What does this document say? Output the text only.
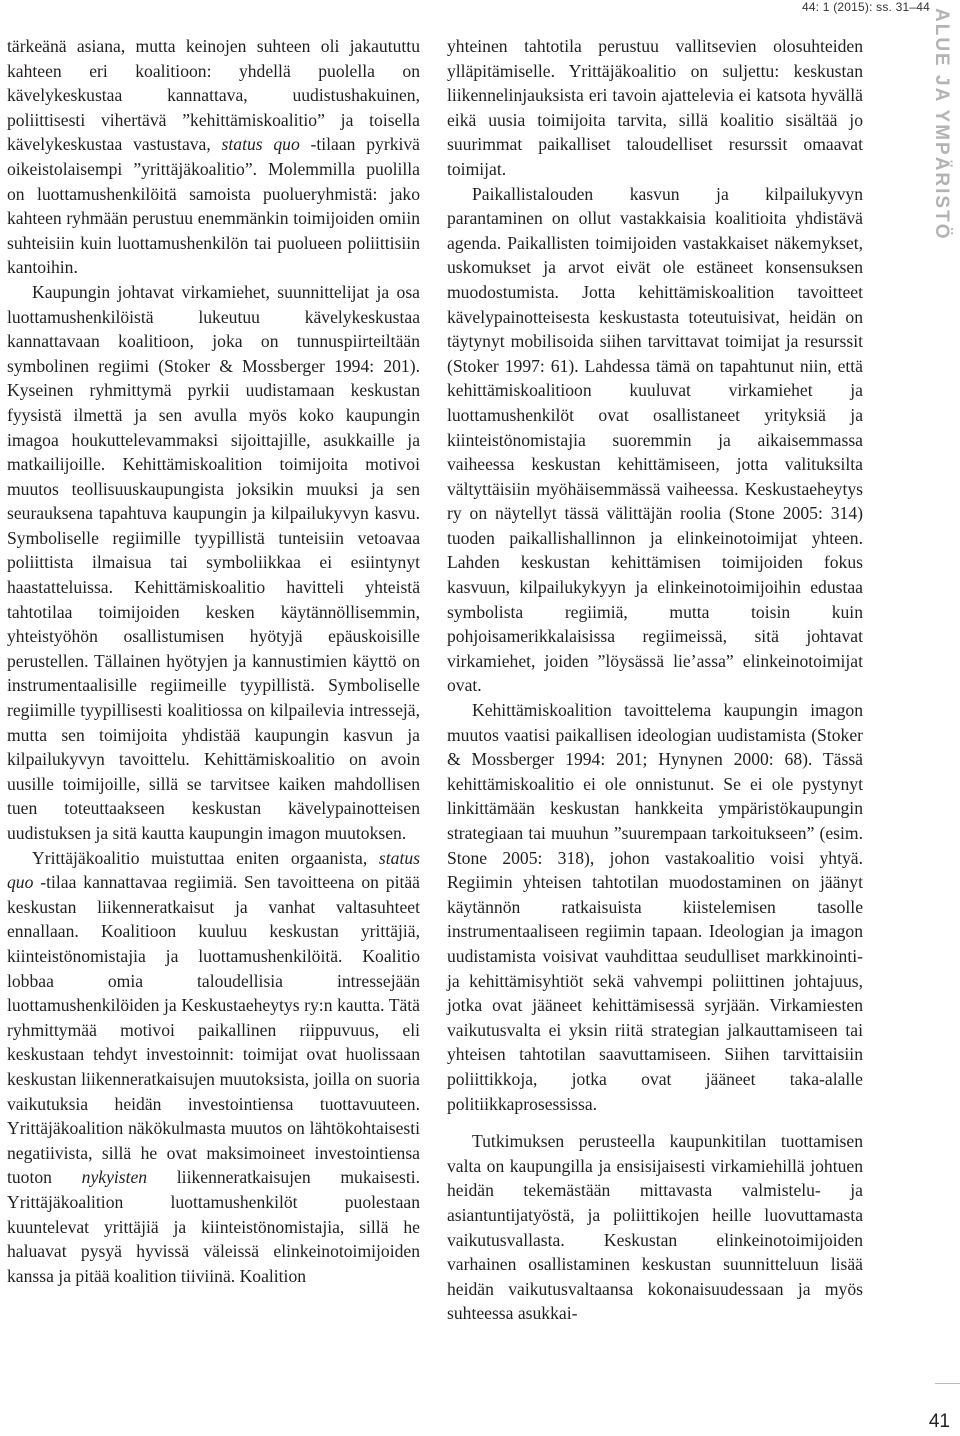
44: 1 (2015): ss. 31–44
ALUE JA YMPÄRISTÖ

tärkeänä asiana, mutta keinojen suhteen oli jakaututtu kahteen eri koalitioon: yhdellä puolella on kävelykeskustaa kannattava, uudistushakuinen, poliittisesti vihertävä ”kehittämiskoalitio” ja toisella kävelykeskustaa vastustava, status quo -tilaan pyrkivä oikeistolaisempi ”yrittäjäkoalitio”. Molemmilla puolilla on luottamushenkilöitä samoista puolueryhmistä: jako kahteen ryhmään perustuu enemmänkin toimijoiden omiin suhteisiin kuin luottamushenkilön tai puolueen poliittisiin kantoihin.

Kaupungin johtavat virkamiehet, suunnittelijat ja osa luottamushenkilöistä lukeutuu kävelykeskustaa kannattavaan koalitioon, joka on tunnuspiirteiltään symbolinen regiimi (Stoker & Mossberger 1994: 201). Kyseinen ryhmittymä pyrkii uudistamaan keskustan fyysistä ilmettä ja sen avulla myös koko kaupungin imagoa houkuttelevammaksi sijoittajille, asukkaille ja matkailijoille. Kehittämiskoalition toimijoita motivoi muutos teollisuuskaupungista joksikin muuksi ja sen seurauksena tapahtuva kaupungin ja kilpailukyvyn kasvu. Symboliselle regiimille tyypillistä tunteisiin vetoavaa poliittista ilmaisua tai symboliikkaa ei esiintynyt haastatteluissa. Kehittämiskoalitio havitteli yhteistä tahtotilaa toimijoiden kesken käytännöllisemmin, yhteistyöhön osallistumisen hyötyjä epäuskoisille perustellen. Tällainen hyötyjen ja kannustimien käyttö on instrumentaalisille regiimeille tyypillistä. Symboliselle regiimille tyypillisesti koalitiossa on kilpailevia intressejä, mutta sen toimijoita yhdistää kaupungin kasvun ja kilpailukyvyn tavoittelu. Kehittämiskoalitio on avoin uusille toimijoille, sillä se tarvitsee kaiken mahdollisen tuen toteuttaakseen keskustan kävelypainotteisen uudistuksen ja sitä kautta kaupungin imagon muutoksen.

Yrittäjäkoalitio muistuttaa eniten orgaanista, status quo -tilaa kannattavaa regiimiä. Sen tavoitteena on pitää keskustan liikenneratkaisut ja vanhat valtasuhteet ennallaan. Koalitioon kuuluu keskustan yrittäjiä, kiinteistönomistajia ja luottamushenkilöitä. Koalitio lobbaa omia taloudellisia intressejään luottamushenkilöiden ja Keskustaeheytys ry:n kautta. Tätä ryhmittymää motivoi paikallinen riippuvuus, eli keskustaan tehdyt investoinnit: toimijat ovat huolissaan keskustan liikenneratkaisujen muutoksista, joilla on suoria vaikutuksia heidän investointiensa tuottavuuteen. Yrittäjäkoalition näkökulmasta muutos on lähtökohtaisesti negatiivista, sillä he ovat maksimoineet investointiensa tuoton nykyisten liikenneratkaisujen mukaisesti. Yrittäjäkoalition luottamushenkilöt puolestaan kuuntelevat yrittäjiä ja kiinteistönomistajia, sillä he haluavat pysyä hyvissä väleissä elinkeinotoimijoiden kanssa ja pitää koalition tiiviinä. Koalition

yhteinen tahtotila perustuu vallitsevien olosuhteiden ylläpitämiselle. Yrittäjäkoalitio on suljettu: keskustan liikennelinjauksista eri tavoin ajattelevia ei katsota hyvällä eikä uusia toimijoita tarvita, sillä koalitio sisältää jo suurimmat paikalliset taloudelliset resurssit omaavat toimijat.

Paikallistalouden kasvun ja kilpailukyvyn parantaminen on ollut vastakkaisia koalitioita yhdistävä agenda. Paikallisten toimijoiden vastakkaiset näkemykset, uskomukset ja arvot eivät ole estäneet konsensuksen muodostumista. Jotta kehittämiskoalition tavoitteet kävelypainotteisesta keskustasta toteutuisivat, heidän on täytynyt mobilisoida siihen tarvittavat toimijat ja resurssit (Stoker 1997: 61). Lahdessa tämä on tapahtunut niin, että kehittämiskoalitioon kuuluvat virkamiehet ja luottamushenkilöt ovat osallistaneet yrityksiä ja kiinteistönomistajia suoremmin ja aikaisemmassa vaiheessa keskustan kehittämiseen, jotta valituksilta vältyttäisiin myöhäisemmässä vaiheessa. Keskustaeheytys ry on näytellyt tässä välittäjän roolia (Stone 2005: 314) tuoden paikallishallinnon ja elinkeinotoimijat yhteen. Lahden keskustan kehittämisen toimijoiden fokus kasvuun, kilpailukykyyn ja elinkeinotoimijoihin edustaa symbolista regiimiä, mutta toisin kuin pohjoisamerikkalaisissa regiimeissä, sitä johtavat virkamiehet, joiden ”löysässä lie’assa” elinkeinotoimijat ovat.

Kehittämiskoalition tavoittelema kaupungin imagon muutos vaatisi paikallisen ideologian uudistamista (Stoker & Mossberger 1994: 201; Hynynen 2000: 68). Tässä kehittämiskoalitio ei ole onnistunut. Se ei ole pystynyt linkittämään keskustan hankkeita ympäristökaupungin strategiaan tai muuhun ”suurempaan tarkoitukseen” (esim. Stone 2005: 318), johon vastakoalitio voisi yhtyä. Regiimin yhteisen tahtotilan muodostaminen on jäänyt käytännön ratkaisuista kiistelemisen tasolle instrumentaaliseen regiimin tapaan. Ideologian ja imagon uudistamista voisivat vauhdittaa seudulliset markkinointi- ja kehittämisyhtiöt sekä vahvempi poliittinen johtajuus, jotka ovat jääneet kehittämisessä syrjään. Virkamiesten vaikutusvalta ei yksin riitä strategian jalkauttamiseen tai yhteisen tahtotilan saavuttamiseen. Siihen tarvittaisiin poliittikkoja, jotka ovat jääneet taka-alalle politiikkaprosessissa.

Tutkimuksen perusteella kaupunkitilan tuottamisen valta on kaupungilla ja ensisijaisesti virkamiehillä johtuen heidän tekemästään mittavasta valmistelu- ja asiantuntijatyöstä, ja poliittikojen heille luovuttamasta vaikutusvallasta. Keskustan elinkeinotoimijoiden varhainen osallistaminen keskustan suunnitteluun lisää heidän vaikutusvaltaansa kokonaisuudessaan ja myös suhteessa asukkai-

41
